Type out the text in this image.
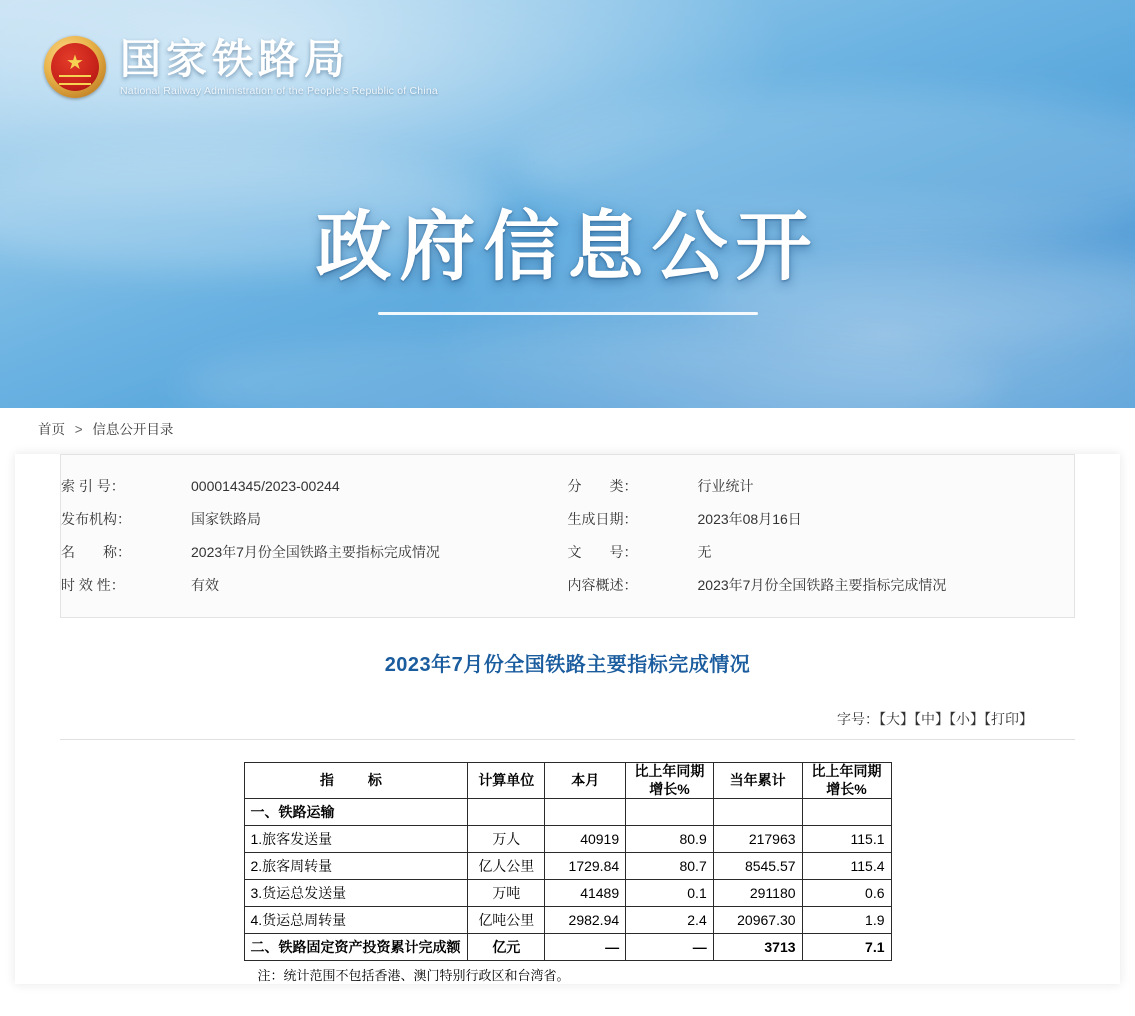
★
国家铁路局
National Railway Administration of the People's Republic of China
政府信息公开
首页 > 信息公开目录
索 引 号：	000014345/2023-00244	分　　类：	行业统计
发布机构：	国家铁路局	生成日期：	2023年08月16日
名　　称：	2023年7月份全国铁路主要指标完成情况	文　　号：	无
时 效 性：	有效	内容概述：	2023年7月份全国铁路主要指标完成情况
2023年7月份全国铁路主要指标完成情况
字号：【大】【中】【小】【打印】
指　标	计算单位	本月	比上年同期增长%	当年累计	比上年同期增长%
一、铁路运输					
1.旅客发送量	万人	40919	80.9	217963	115.1
2.旅客周转量	亿人公里	1729.84	80.7	8545.57	115.4
3.货运总发送量	万吨	41489	0.1	291180	0.6
4.货运总周转量	亿吨公里	2982.94	2.4	20967.30	1.9
二、铁路固定资产投资累计完成额	亿元	—	—	3713	7.1
注：统计范围不包括香港、澳门特别行政区和台湾省。
